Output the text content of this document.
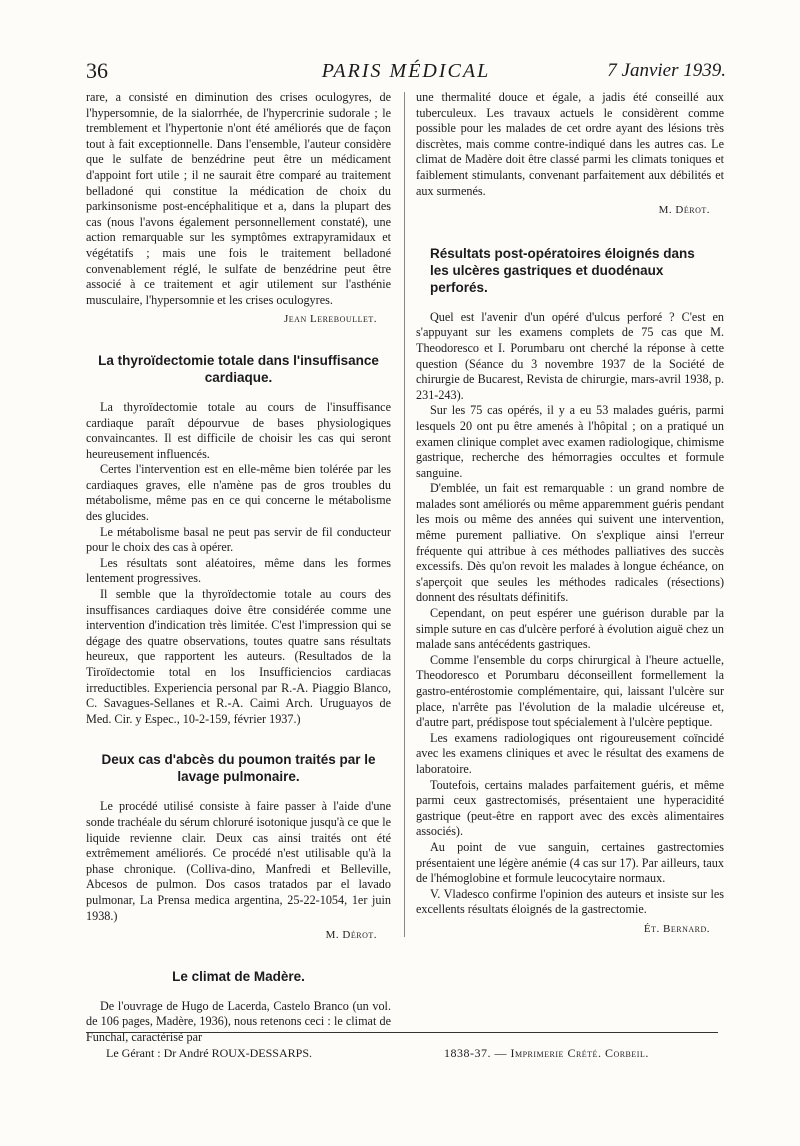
36	PARIS MÉDICAL	7 Janvier 1939.

rare, a consisté en diminution des crises oculogyres, de l'hypersomnie, de la sialorrhée, de l'hypercrinie sudorale ; le tremblement et l'hypertonie n'ont été améliorés que de façon tout à fait exceptionnelle. Dans l'ensemble, l'auteur considère que le sulfate de benzédrine peut être un médicament d'appoint fort utile ; il ne saurait être comparé au traitement belladoné qui constitue la médication de choix du parkinsonisme post-encéphalitique et a, dans la plupart des cas (nous l'avons également personnellement constaté), une action remarquable sur les symptômes extrapyramidaux et végétatifs ; mais une fois le traitement belladoné convenablement réglé, le sulfate de benzédrine peut être associé à ce traitement et agir utilement sur l'asthénie musculaire, l'hypersomnie et les crises oculogyres.

Jean Lereboullet.
La thyroïdectomie totale dans l'insuffisance cardiaque.

La thyroïdectomie totale au cours de l'insuffisance cardiaque paraît dépourvue de bases physiologiques convaincantes. Il est difficile de choisir les cas qui seront heureusement influencés.

Certes l'intervention est en elle-même bien tolérée par les cardiaques graves, elle n'amène pas de gros troubles du métabolisme, même pas en ce qui concerne le métabolisme des glucides.

Le métabolisme basal ne peut pas servir de fil conducteur pour le choix des cas à opérer.

Les résultats sont aléatoires, même dans les formes lentement progressives.

Il semble que la thyroïdectomie totale au cours des insuffisances cardiaques doive être considérée comme une intervention d'indication très limitée. C'est l'impression qui se dégage des quatre observations, toutes quatre sans résultats heureux, que rapportent les auteurs. (Resultados de la Tiroïdectomie total en los Insufficiencios cardiacas irreductibles. Experiencia personal par R.-A. Piaggio Blanco, C. Savagues-Sellanes et R.-A. Caimi Arch. Uruguayos de Med. Cir. y Espec., 10-2-159, février 1937.)

Deux cas d'abcès du poumon traités par le lavage pulmonaire.

Le procédé utilisé consiste à faire passer à l'aide d'une sonde trachéale du sérum chloruré isotonique jusqu'à ce que le liquide revienne clair. Deux cas ainsi traités ont été extrêmement améliorés. Ce procédé n'est utilisable qu'à la phase chronique. (Colliva-dino, Manfredi et Belleville, Abcesos de pulmon. Dos casos tratados par el lavado pulmonar, La Prensa medica argentina, 25-22-1054, 1er juin 1938.)

M. Dérot.
Le climat de Madère.

De l'ouvrage de Hugo de Lacerda, Castelo Branco (un vol. de 106 pages, Madère, 1936), nous retenons ceci : le climat de Funchal, caractérisé par

une thermalité douce et égale, a jadis été conseillé aux tuberculeux. Les travaux actuels le considèrent comme possible pour les malades de cet ordre ayant des lésions très discrètes, mais comme contre-indiqué dans les autres cas. Le climat de Madère doit être classé parmi les climats toniques et faiblement stimulants, convenant parfaitement aux débilités et aux surmenés.

M. Dérot.
Résultats post-opératoires éloignés dans les ulcères gastriques et duodénaux perforés.

Quel est l'avenir d'un opéré d'ulcus perforé ? C'est en s'appuyant sur les examens complets de 75 cas que M. Theodoresco et I. Porumbaru ont cherché la réponse à cette question (Séance du 3 novembre 1937 de la Société de chirurgie de Bucarest, Revista de chirurgie, mars-avril 1938, p. 231-243).

Sur les 75 cas opérés, il y a eu 53 malades guéris, parmi lesquels 20 ont pu être amenés à l'hôpital ; on a pratiqué un examen clinique complet avec examen radiologique, chimisme gastrique, recherche des hémorragies occultes et formule sanguine.

D'emblée, un fait est remarquable : un grand nombre de malades sont améliorés ou même apparemment guéris pendant les mois ou même des années qui suivent une intervention, même purement palliative. On s'explique ainsi l'erreur fréquente qui attribue à ces méthodes palliatives des succès excessifs. Dès qu'on revoit les malades à longue échéance, on s'aperçoit que seules les méthodes radicales (résections) donnent des résultats définitifs.

Cependant, on peut espérer une guérison durable par la simple suture en cas d'ulcère perforé à évolution aiguë chez un malade sans antécédents gastriques.

Comme l'ensemble du corps chirurgical à l'heure actuelle, Theodoresco et Porumbaru déconseillent formellement la gastro-entérostomie complémentaire, qui, laissant l'ulcère sur place, n'arrête pas l'évolution de la maladie ulcéreuse et, d'autre part, prédispose tout spécialement à l'ulcère peptique.

Les examens radiologiques ont rigoureusement coïncidé avec les examens cliniques et avec le résultat des examens de laboratoire.

Toutefois, certains malades parfaitement guéris, et même parmi ceux gastrectomisés, présentaient une hyperacidité gastrique (peut-être en rapport avec des excès alimentaires associés).

Au point de vue sanguin, certaines gastrectomies présentaient une légère anémie (4 cas sur 17). Par ailleurs, taux de l'hémoglobine et formule leucocytaire normaux.

V. Vladesco confirme l'opinion des auteurs et insiste sur les excellents résultats éloignés de la gastrectomie.

Ét. Bernard.
Le Gérant : Dr André ROUX-DESSARPS.	1838-37. — Imprimerie Crété. Corbeil.
